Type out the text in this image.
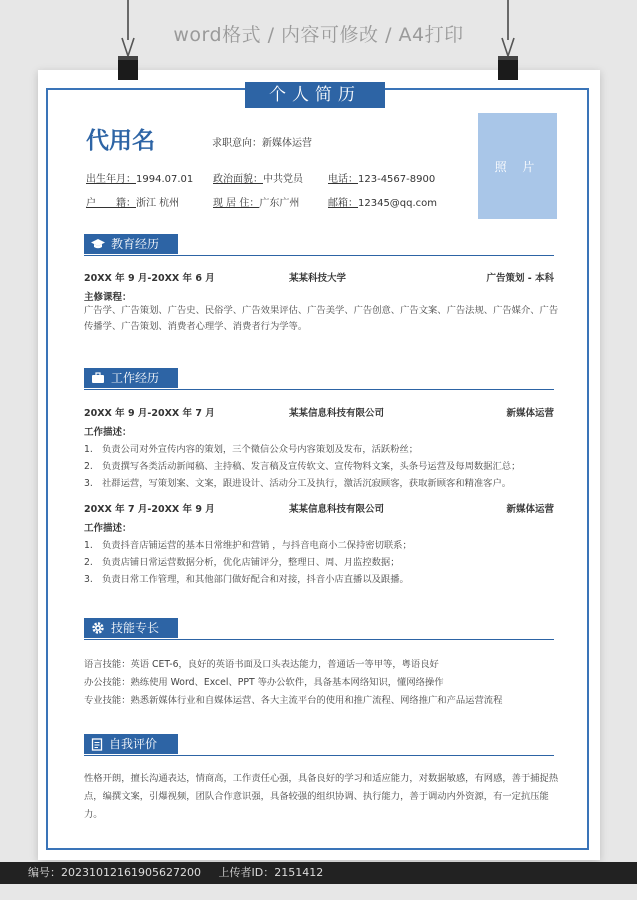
word格式 / 内容可修改 / A4打印
个人简历
代用名	求职意向：新媒体运营
照 片
出生年月：1994.07.01 政治面貌：中共党员	电话：123-4567-8900
户　　籍：浙江 杭州	现 居 住：广东广州	邮箱：12345@qq.com
教育经历
20XX 年 9 月-20XX 年 6 月	某某科技大学	广告策划 - 本科
主修课程：
广告学、广告策划、广告史、民俗学、广告效果评估、广告美学、广告创意、广告文案、广告法规、广告媒介、广告传播学、广告策划、消费者心理学、消费者行为学等。
工作经历
20XX 年 9 月-20XX 年 7 月	某某信息科技有限公司	新媒体运营
工作描述：
1. 负责公司对外宣传内容的策划，三个微信公众号内容策划及发布，活跃粉丝；
2. 负责撰写各类活动新闻稿、主持稿、发言稿及宣传软文、宣传物料文案，头条号运营及每周数据汇总；
3. 社群运营，写策划案、文案，跟进设计、活动分工及执行，激活沉寂顾客，获取新顾客和精准客户。
20XX 年 7 月-20XX 年 9 月	某某信息科技有限公司	新媒体运营
工作描述：
1. 负责抖音店铺运营的基本日常维护和营销 ，与抖音电商小二保持密切联系；
2. 负责店铺日常运营数据分析，优化店铺评分，整理日、周、月监控数据；
3. 负责日常工作管理，和其他部门做好配合和对接，抖音小店直播以及跟播。
技能专长
语言技能：英语 CET-6，良好的英语书面及口头表达能力，普通话一等甲等，粤语良好
办公技能：熟练使用 Word、Excel、PPT 等办公软件，具备基本网络知识，懂网络操作
专业技能：熟悉新媒体行业和自媒体运营、各大主流平台的使用和推广流程、网络推广和产品运营流程
自我评价
性格开朗，擅长沟通表达，情商高，工作责任心强，具备良好的学习和适应能力，对数据敏感，有网感，善于捕捉热点，编撰文案，引爆视频，团队合作意识强，具备较强的组织协调、执行能力，善于调动内外资源，有一定抗压能力。
编号：20231012161905627200 上传者ID：2151412
